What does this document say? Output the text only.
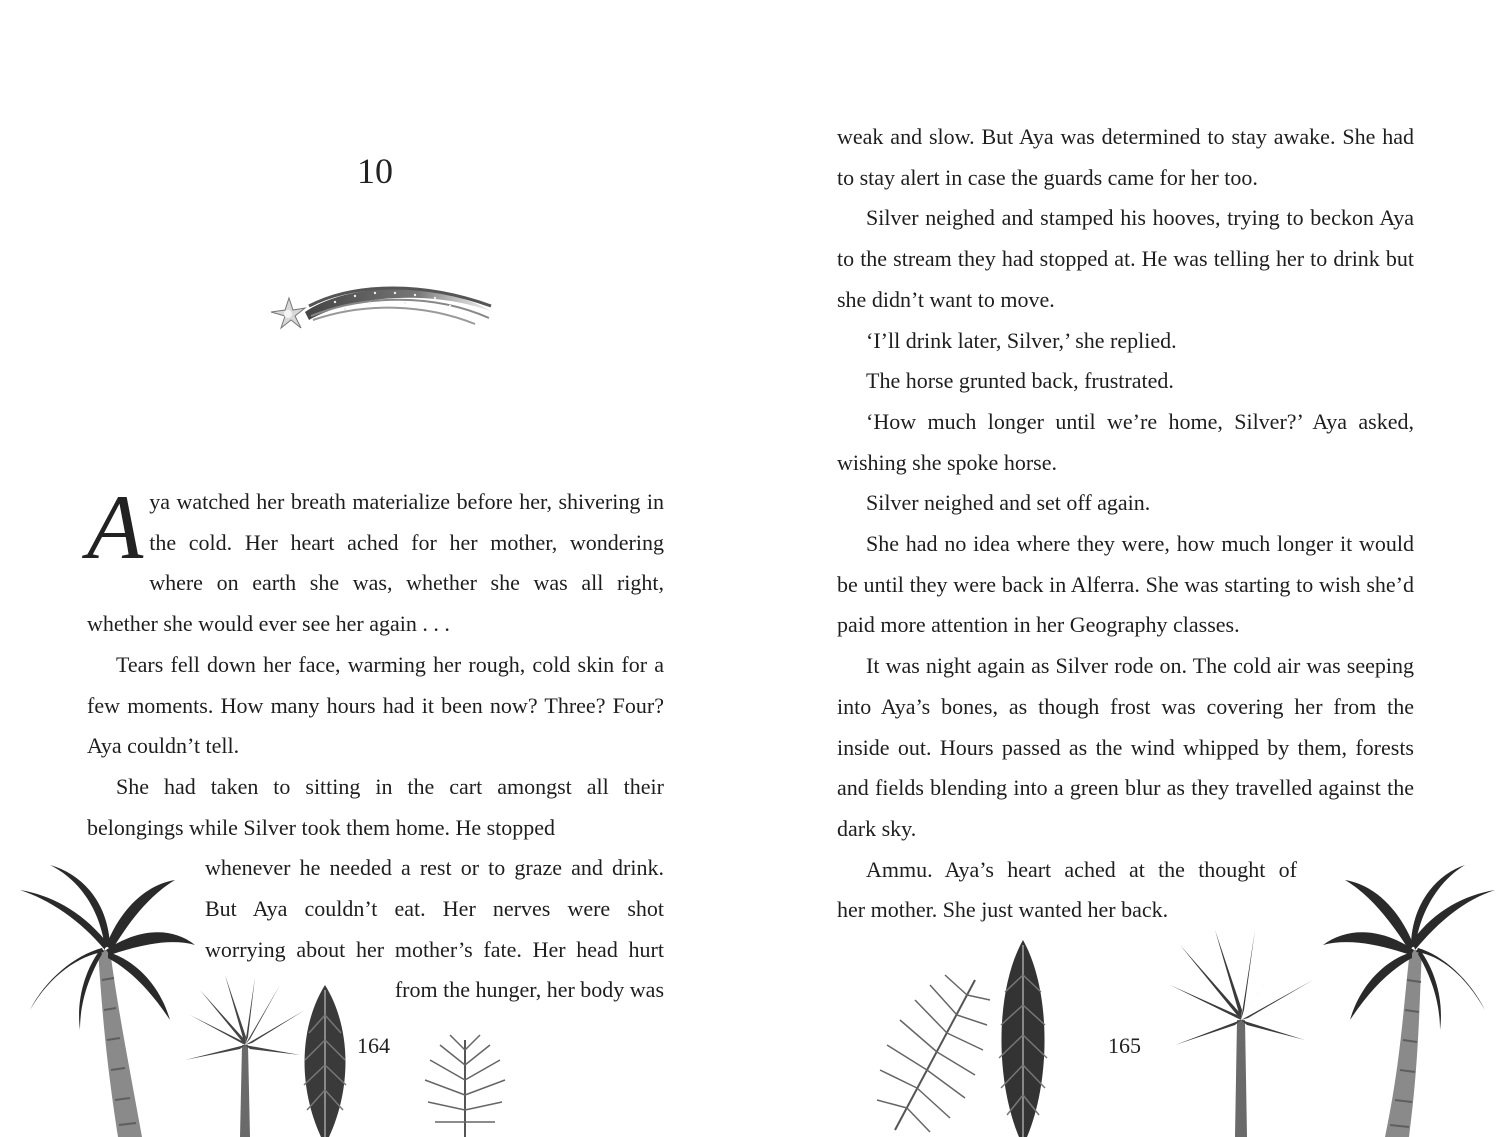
10

Aya watched her breath materialize before her, shivering in the cold. Her heart ached for her mother, wondering where on earth she was, whether she was all right, whether she would ever see her again . . .

Tears fell down her face, warming her rough, cold skin for a few moments. How many hours had it been now? Three? Four? Aya couldn’t tell.

She had taken to sitting in the cart amongst all their belongings while Silver took them home. He stopped

whenever he needed a rest or to graze and drink. But Aya couldn’t eat. Her nerves were shot worrying about her mother’s fate. Her head hurt
from the hunger, her body was
164

weak and slow. But Aya was determined to stay awake. She had to stay alert in case the guards came for her too.

Silver neighed and stamped his hooves, trying to beckon Aya to the stream they had stopped at. He was telling her to drink but she didn’t want to move.

‘I’ll drink later, Silver,’ she replied.

The horse grunted back, frustrated.

‘How much longer until we’re home, Silver?’ Aya asked, wishing she spoke horse.

Silver neighed and set off again.

She had no idea where they were, how much longer it would be until they were back in Alferra. She was starting to wish she’d paid more attention in her Geography classes.

It was night again as Silver rode on. The cold air was seeping into Aya’s bones, as though frost was covering her from the inside out. Hours passed as the wind whipped by them, forests and fields blending into a green blur as they travelled against the dark sky.

Ammu. Aya’s heart ached at the thought of

her mother. She just wanted her back.

165
